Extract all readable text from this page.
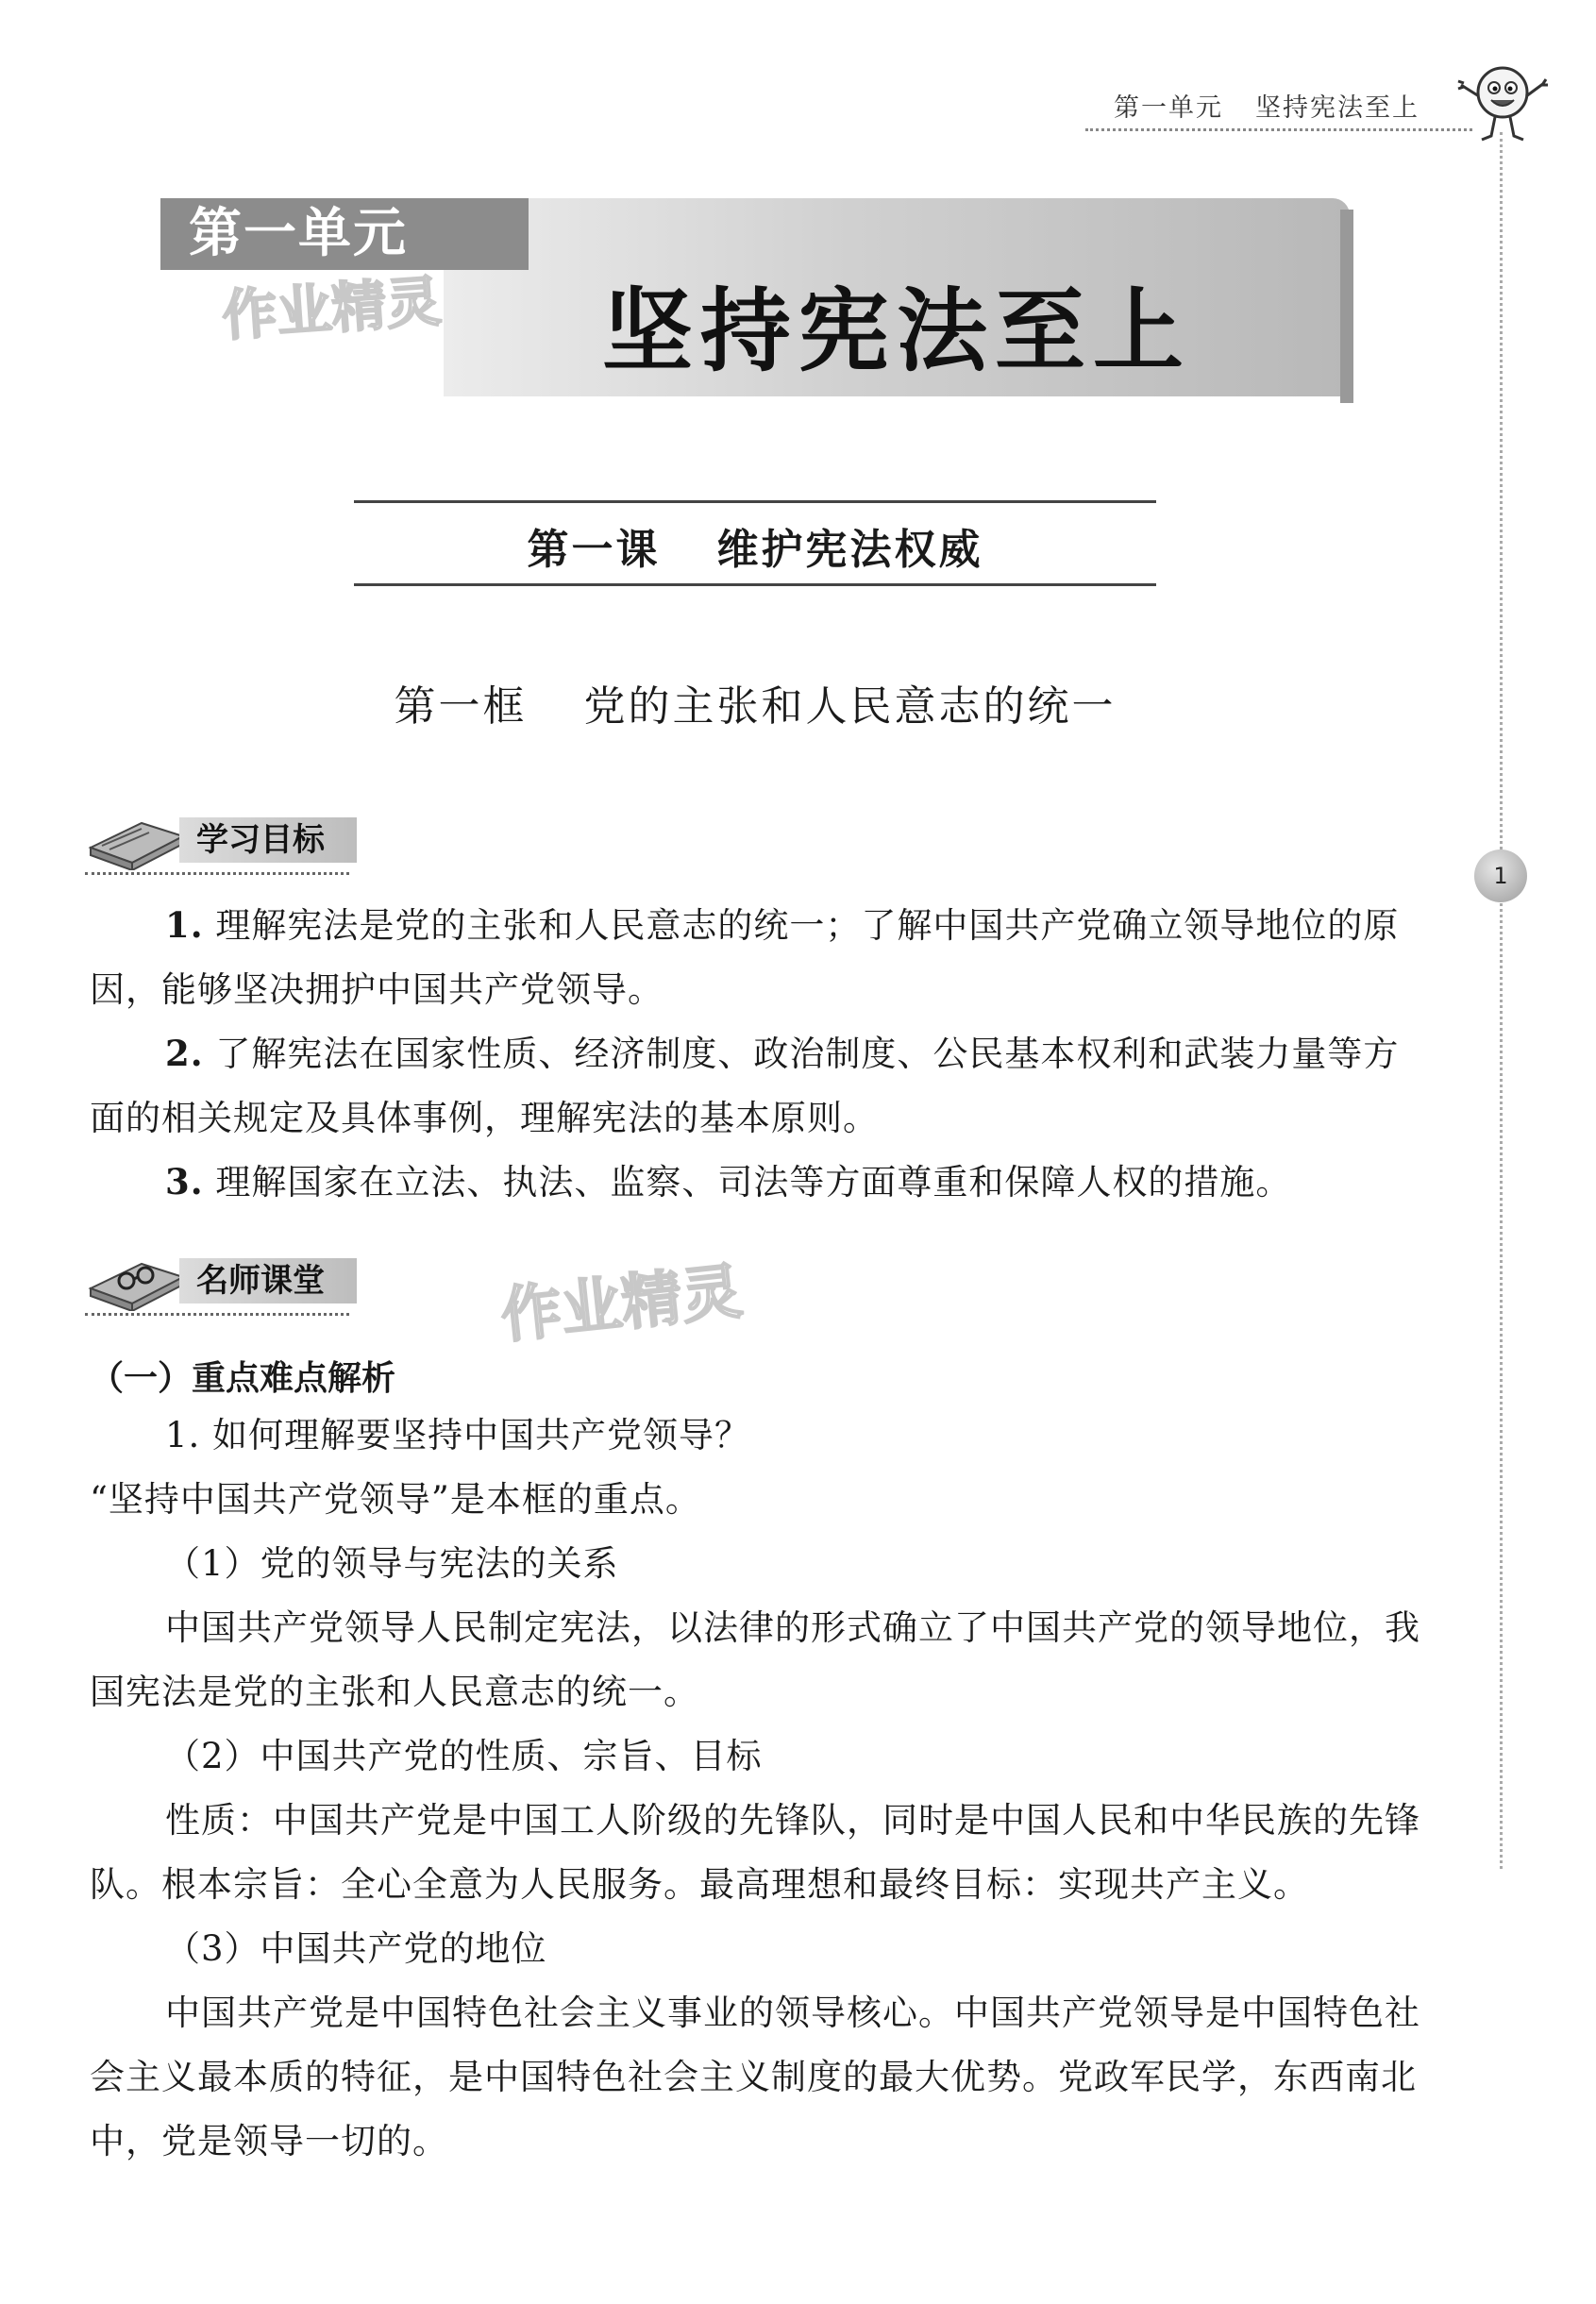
第一单元 坚持宪法至上
1
第一单元
坚持宪法至上
作业精灵
第一课 维护宪法权威
第一框 党的主张和人民意志的统一
学习目标
1. 理解宪法是党的主张和人民意志的统一；了解中国共产党确立领导地位的原因，能够坚决拥护中国共产党领导。
2. 了解宪法在国家性质、经济制度、政治制度、公民基本权利和武装力量等方面的相关规定及具体事例，理解宪法的基本原则。
3. 理解国家在立法、执法、监察、司法等方面尊重和保障人权的措施。
名师课堂	作业精灵
（一）重点难点解析
1. 如何理解要坚持中国共产党领导？
“坚持中国共产党领导”是本框的重点。
（1）党的领导与宪法的关系
中国共产党领导人民制定宪法，以法律的形式确立了中国共产党的领导地位，我国宪法是党的主张和人民意志的统一。
（2）中国共产党的性质、宗旨、目标
性质：中国共产党是中国工人阶级的先锋队，同时是中国人民和中华民族的先锋队。根本宗旨：全心全意为人民服务。最高理想和最终目标：实现共产主义。
（3）中国共产党的地位
中国共产党是中国特色社会主义事业的领导核心。中国共产党领导是中国特色社会主义最本质的特征，是中国特色社会主义制度的最大优势。党政军民学，东西南北中，党是领导一切的。
